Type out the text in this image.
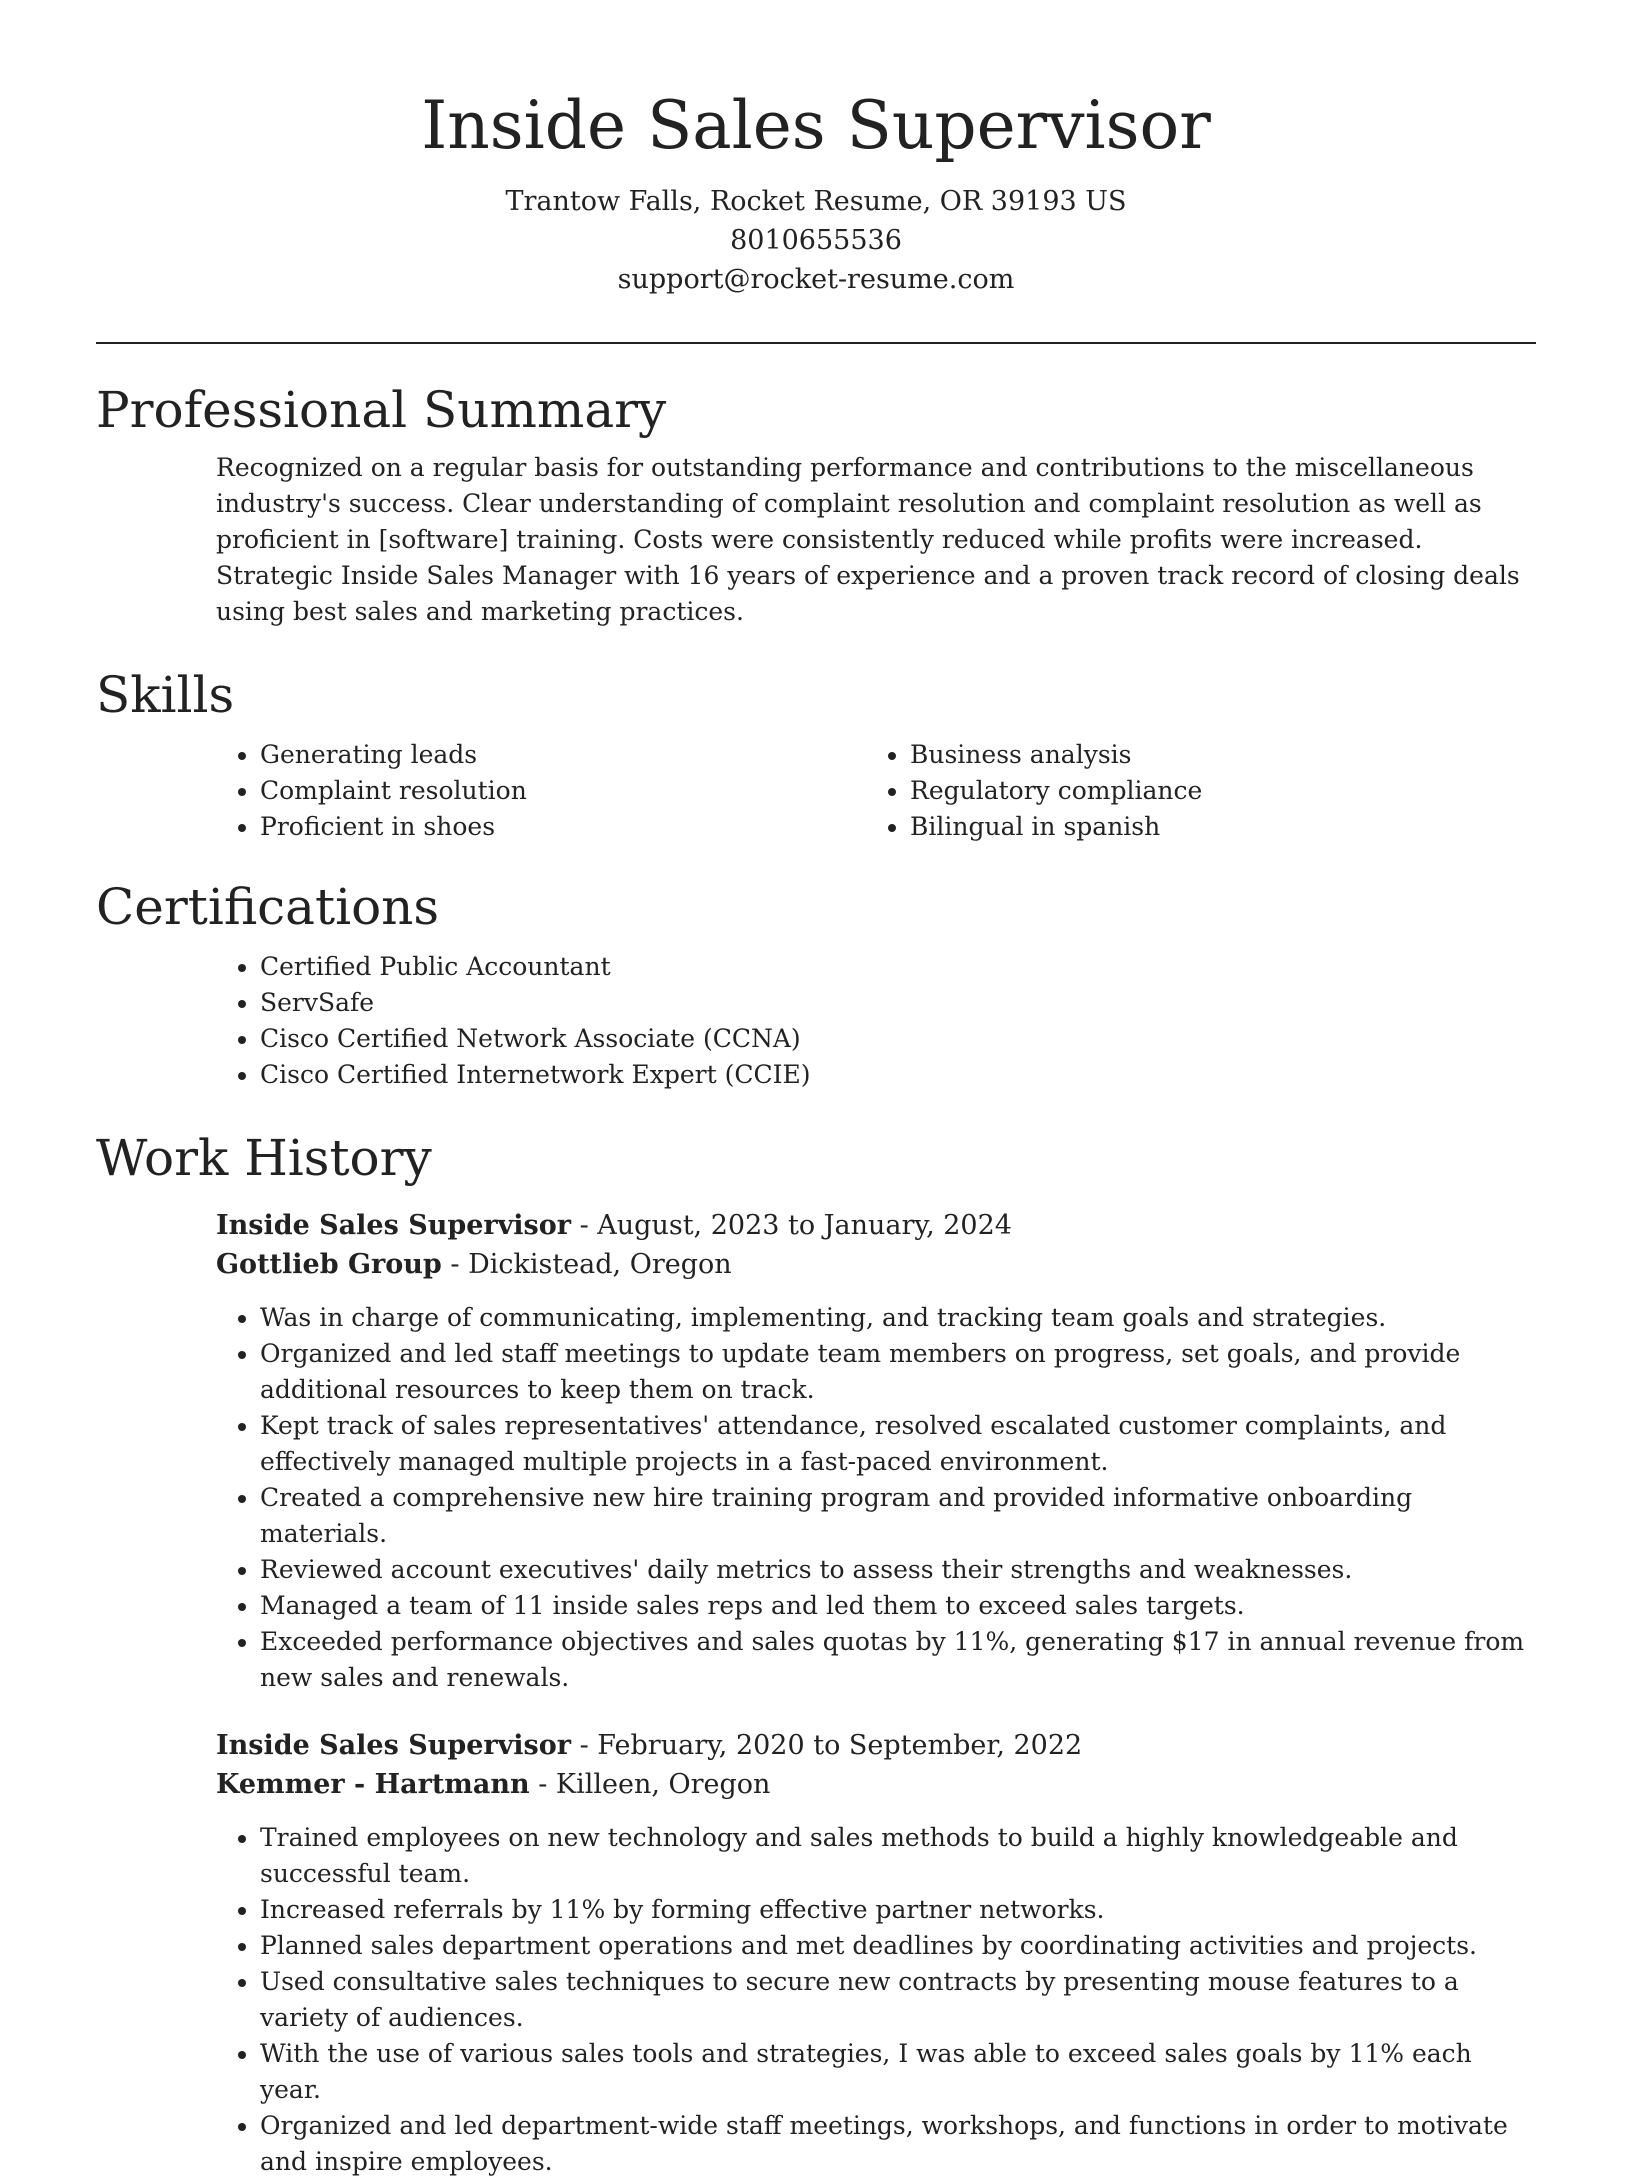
Inside Sales Supervisor
Trantow Falls, Rocket Resume, OR 39193 US
8010655536
support@rocket-resume.com
Professional Summary
Recognized on a regular basis for outstanding performance and contributions to the miscellaneous industry's success. Clear understanding of complaint resolution and complaint resolution as well as proficient in [software] training. Costs were consistently reduced while profits were increased. Strategic Inside Sales Manager with 16 years of experience and a proven track record of closing deals using best sales and marketing practices.
Skills
• Generating leads
• Complaint resolution
• Proficient in shoes
• Business analysis
• Regulatory compliance
• Bilingual in spanish
Certifications
• Certified Public Accountant
• ServSafe
• Cisco Certified Network Associate (CCNA)
• Cisco Certified Internetwork Expert (CCIE)
Work History
Inside Sales Supervisor - August, 2023 to January, 2024
Gottlieb Group - Dickistead, Oregon
• Was in charge of communicating, implementing, and tracking team goals and strategies.
• Organized and led staff meetings to update team members on progress, set goals, and provide additional resources to keep them on track.
• Kept track of sales representatives' attendance, resolved escalated customer complaints, and effectively managed multiple projects in a fast-paced environment.
• Created a comprehensive new hire training program and provided informative onboarding materials.
• Reviewed account executives' daily metrics to assess their strengths and weaknesses.
• Managed a team of 11 inside sales reps and led them to exceed sales targets.
• Exceeded performance objectives and sales quotas by 11%, generating $17 in annual revenue from new sales and renewals.
Inside Sales Supervisor - February, 2020 to September, 2022
Kemmer - Hartmann - Killeen, Oregon
• Trained employees on new technology and sales methods to build a highly knowledgeable and successful team.
• Increased referrals by 11% by forming effective partner networks.
• Planned sales department operations and met deadlines by coordinating activities and projects.
• Used consultative sales techniques to secure new contracts by presenting mouse features to a variety of audiences.
• With the use of various sales tools and strategies, I was able to exceed sales goals by 11% each year.
• Organized and led department-wide staff meetings, workshops, and functions in order to motivate and inspire employees.
